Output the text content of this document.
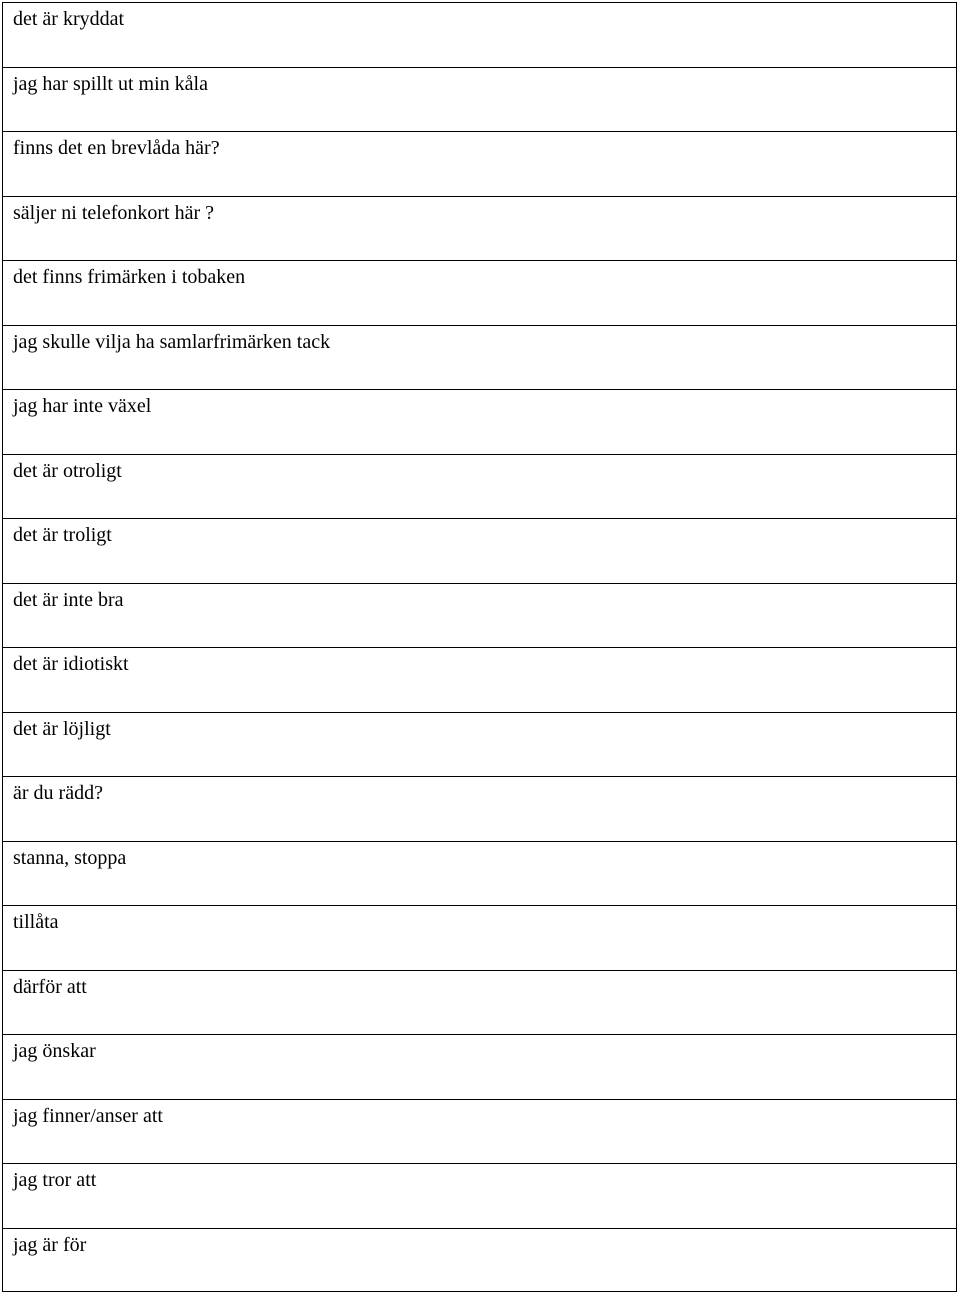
det är kryddat
jag har spillt ut min kåla
finns det en brevlåda här?
säljer ni telefonkort här ?
det finns frimärken i tobaken
jag skulle vilja ha samlarfrimärken tack
jag har inte växel
det är otroligt
det är troligt
det är inte bra
det är idiotiskt
det är löjligt
är du rädd?
stanna, stoppa
tillåta
därför att
jag önskar
jag finner/anser att
jag tror att
jag är för
